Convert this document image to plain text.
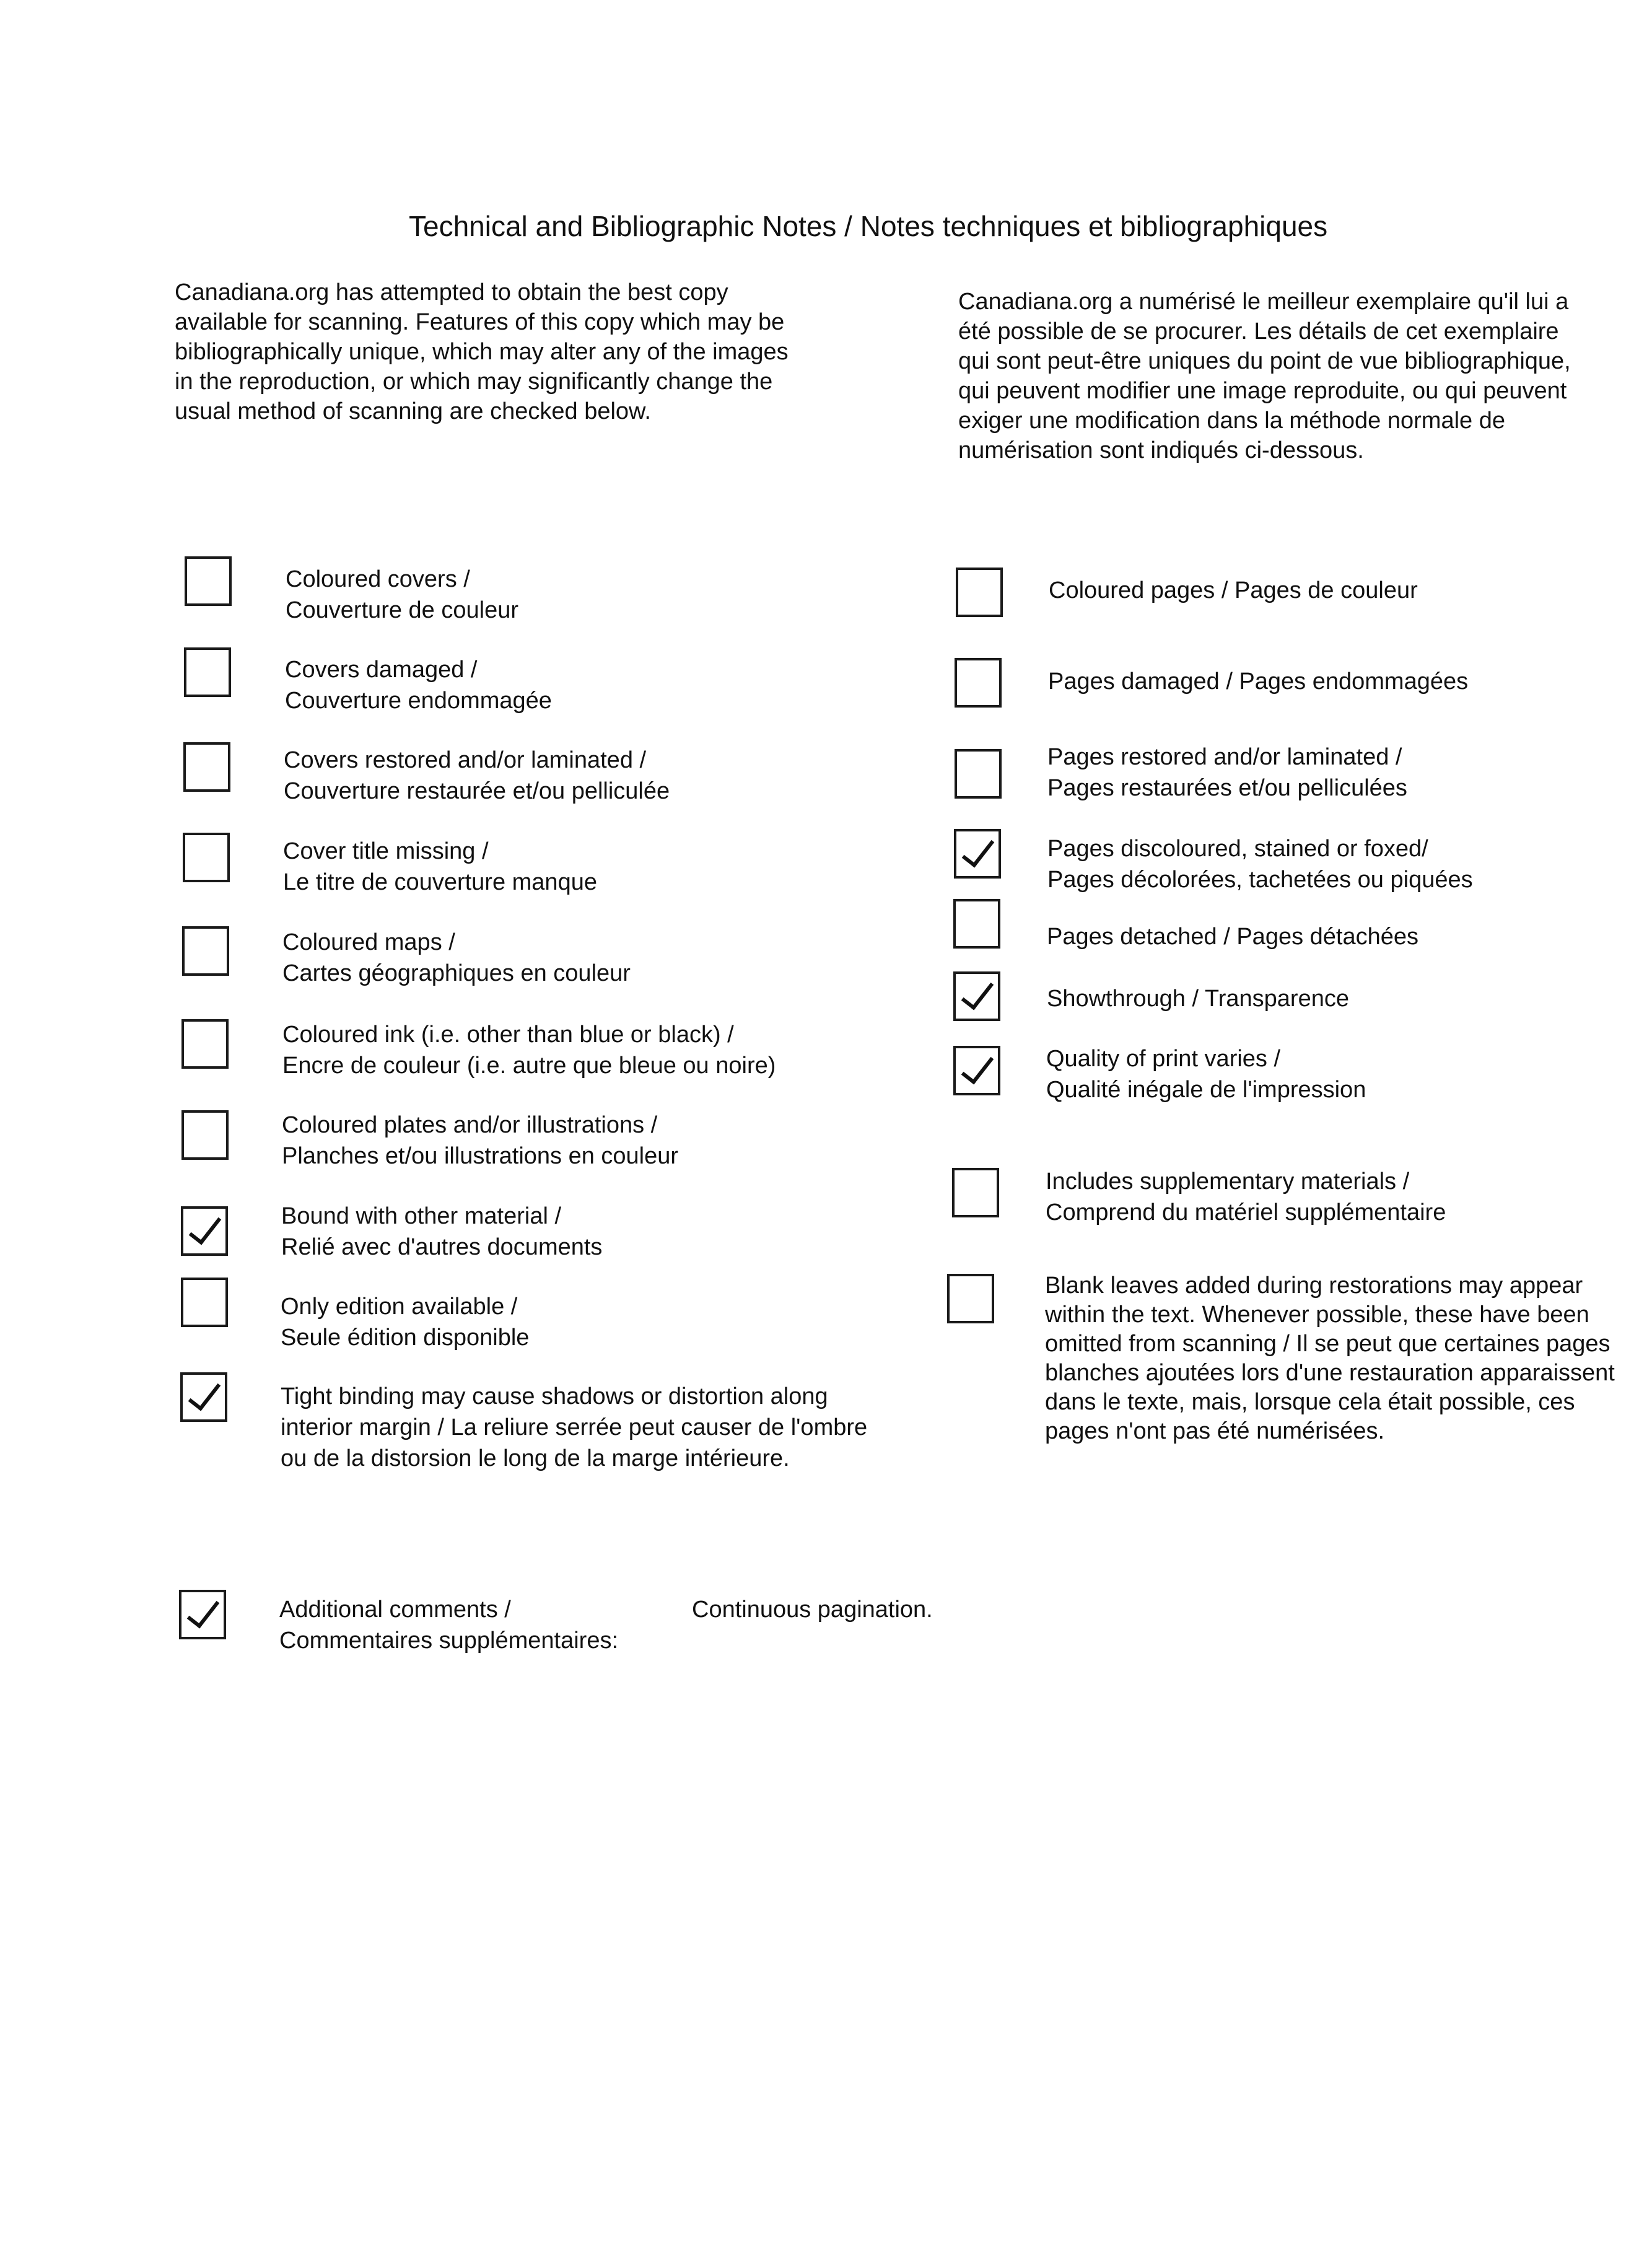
Technical and Bibliographic Notes / Notes techniques et bibliographiques
Canadiana.org has attempted to obtain the best copy
available for scanning. Features of this copy which may be
bibliographically unique, which may alter any of the images
in the reproduction, or which may significantly change the
usual method of scanning are checked below.
Canadiana.org a numérisé le meilleur exemplaire qu'il lui a
été possible de se procurer. Les détails de cet exemplaire
qui sont peut-être uniques du point de vue bibliographique,
qui peuvent modifier une image reproduite, ou qui peuvent
exiger une modification dans la méthode normale de
numérisation sont indiqués ci-dessous.
Coloured covers /
Couverture de couleur
Covers damaged /
Couverture endommagée
Covers restored and/or laminated /
Couverture restaurée et/ou pelliculée
Cover title missing /
Le titre de couverture manque
Coloured maps /
Cartes géographiques en couleur
Coloured ink (i.e. other than blue or black) /
Encre de couleur (i.e. autre que bleue ou noire)
Coloured plates and/or illustrations /
Planches et/ou illustrations en couleur
Bound with other material /
Relié avec d'autres documents
Only edition available /
Seule édition disponible
Tight binding may cause shadows or distortion along interior margin / La reliure serrée peut causer de l'ombre ou de la distorsion le long de la marge intérieure.
Coloured pages / Pages de couleur
Pages damaged / Pages endommagées
Pages restored and/or laminated /
Pages restaurées et/ou pelliculées
Pages discoloured, stained or foxed/
Pages décolorées, tachetées ou piquées
Pages detached / Pages détachées
Showthrough / Transparence
Quality of print varies /
Qualité inégale de l'impression
Includes supplementary materials /
Comprend du matériel supplémentaire
Blank leaves added during restorations may appear within the text. Whenever possible, these have been omitted from scanning / Il se peut que certaines pages blanches ajoutées lors d'une restauration apparaissent dans le texte, mais, lorsque cela était possible, ces pages n'ont pas été numérisées.
Additional comments /
Commentaires supplémentaires:
Continuous pagination.
